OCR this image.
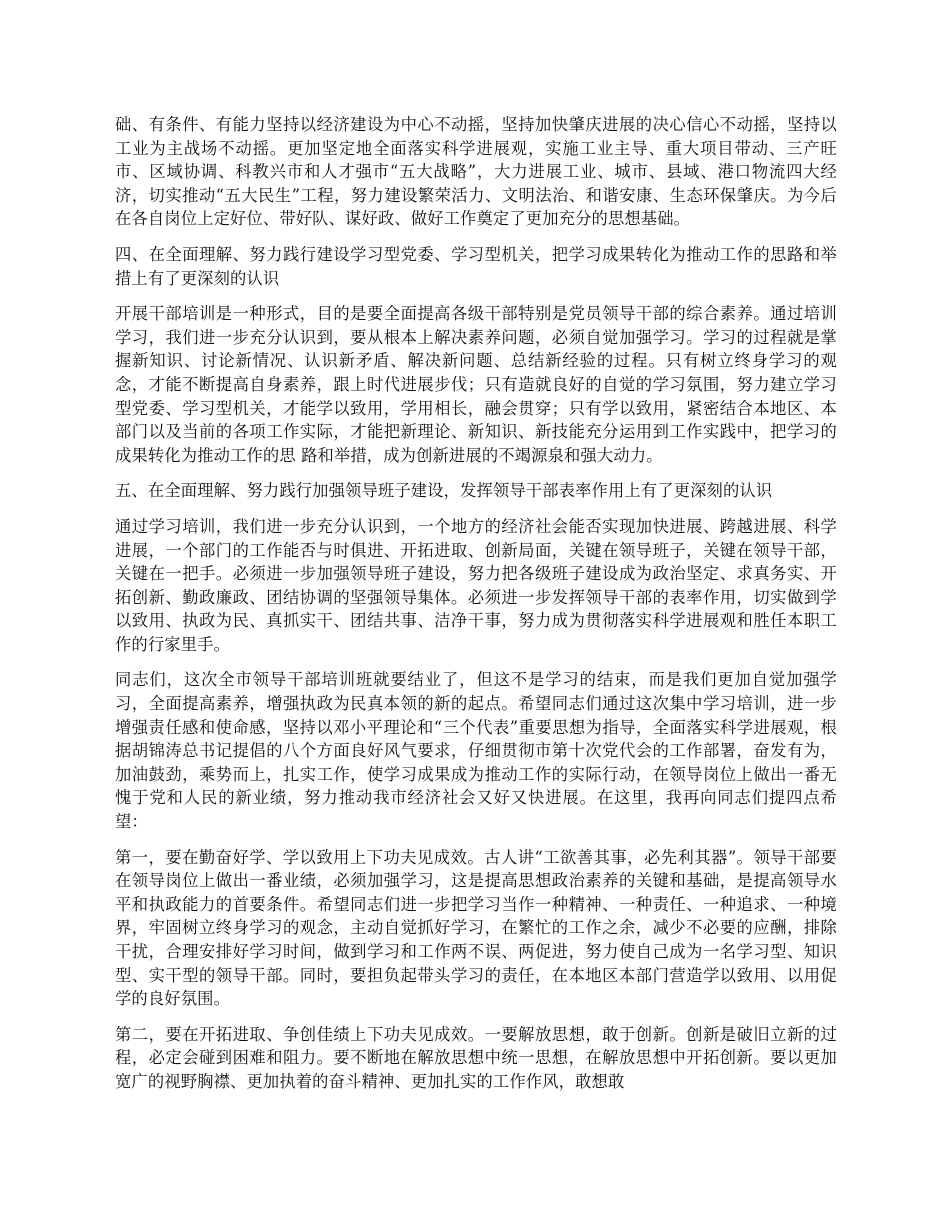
础、有条件、有能力坚持以经济建设为中心不动摇，坚持加快肇庆进展的决心信心不动摇，坚持以工业为主战场不动摇。更加坚定地全面落实科学进展观，实施工业主导、重大项目带动、三产旺市、区域协调、科教兴市和人才强市“五大战略”，大力进展工业、城市、县域、港口物流四大经济，切实推动“五大民生”工程，努力建设繁荣活力、文明法治、和谐安康、生态环保肇庆。为今后在各自岗位上定好位、带好队、谋好政、做好工作奠定了更加充分的思想基础。

四、在全面理解、努力践行建设学习型党委、学习型机关，把学习成果转化为推动工作的思路和举措上有了更深刻的认识

开展干部培训是一种形式，目的是要全面提高各级干部特别是党员领导干部的综合素养。通过培训学习，我们进一步充分认识到，要从根本上解决素养问题，必须自觉加强学习。学习的过程就是掌握新知识、讨论新情况、认识新矛盾、解决新问题、总结新经验的过程。只有树立终身学习的观念，才能不断提高自身素养，跟上时代进展步伐；只有造就良好的自觉的学习氛围，努力建立学习型党委、学习型机关，才能学以致用，学用相长，融会贯穿；只有学以致用，紧密结合本地区、本部门以及当前的各项工作实际，才能把新理论、新知识、新技能充分运用到工作实践中，把学习的成果转化为推动工作的思 路和举措，成为创新进展的不竭源泉和强大动力。

五、在全面理解、努力践行加强领导班子建设，发挥领导干部表率作用上有了更深刻的认识

通过学习培训，我们进一步充分认识到，一个地方的经济社会能否实现加快进展、跨越进展、科学进展，一个部门的工作能否与时俱进、开拓进取、创新局面，关键在领导班子，关键在领导干部，关键在一把手。必须进一步加强领导班子建设，努力把各级班子建设成为政治坚定、求真务实、开拓创新、勤政廉政、团结协调的坚强领导集体。必须进一步发挥领导干部的表率作用，切实做到学以致用、执政为民、真抓实干、团结共事、洁净干事，努力成为贯彻落实科学进展观和胜任本职工作的行家里手。

同志们，这次全市领导干部培训班就要结业了，但这不是学习的结束，而是我们更加自觉加强学习，全面提高素养，增强执政为民真本领的新的起点。希望同志们通过这次集中学习培训，进一步增强责任感和使命感，坚持以邓小平理论和“三个代表”重要思想为指导，全面落实科学进展观，根据胡锦涛总书记提倡的八个方面良好风气要求，仔细贯彻市第十次党代会的工作部署，奋发有为，加油鼓劲，乘势而上，扎实工作，使学习成果成为推动工作的实际行动，在领导岗位上做出一番无愧于党和人民的新业绩，努力推动我市经济社会又好又快进展。在这里，我再向同志们提四点希望：

第一，要在勤奋好学、学以致用上下功夫见成效。古人讲“工欲善其事，必先利其器”。领导干部要在领导岗位上做出一番业绩，必须加强学习，这是提高思想政治素养的关键和基础，是提高领导水平和执政能力的首要条件。希望同志们进一步把学习当作一种精神、一种责任、一种追求、一种境界，牢固树立终身学习的观念，主动自觉抓好学习，在繁忙的工作之余，减少不必要的应酬，排除干扰，合理安排好学习时间，做到学习和工作两不误、两促进，努力使自己成为一名学习型、知识型、实干型的领导干部。同时，要担负起带头学习的责任，在本地区本部门营造学以致用、以用促学的良好氛围。

第二，要在开拓进取、争创佳绩上下功夫见成效。一要解放思想，敢于创新。创新是破旧立新的过程，必定会碰到困难和阻力。要不断地在解放思想中统一思想，在解放思想中开拓创新。要以更加宽广的视野胸襟、更加执着的奋斗精神、更加扎实的工作作风，敢想敢
